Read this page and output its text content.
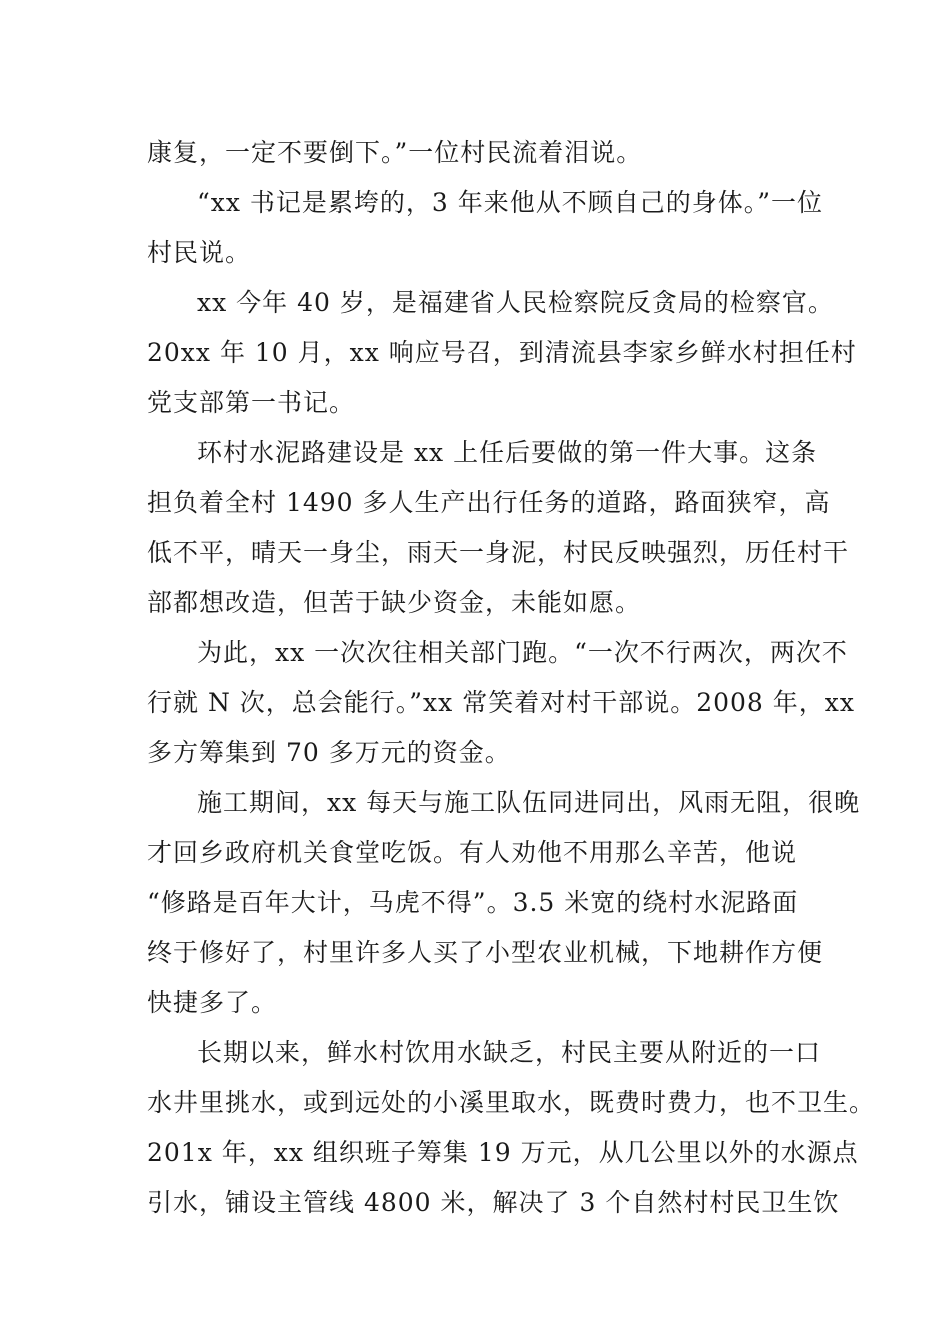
康复，一定不要倒下。”一位村民流着泪说。
“xx 书记是累垮的，3 年来他从不顾自己的身体。”一位
村民说。
xx 今年 40 岁，是福建省人民检察院反贪局的检察官。
20xx 年 10 月，xx 响应号召，到清流县李家乡鲜水村担任村
党支部第一书记。
环村水泥路建设是 xx 上任后要做的第一件大事。这条
担负着全村 1490 多人生产出行任务的道路，路面狭窄，高
低不平，晴天一身尘，雨天一身泥，村民反映强烈，历任村干
部都想改造，但苦于缺少资金，未能如愿。
为此，xx 一次次往相关部门跑。“一次不行两次，两次不
行就 N 次，总会能行。”xx 常笑着对村干部说。2008 年，xx
多方筹集到 70 多万元的资金。
施工期间，xx 每天与施工队伍同进同出，风雨无阻，很晚
才回乡政府机关食堂吃饭。有人劝他不用那么辛苦，他说
“修路是百年大计，马虎不得”。3.5 米宽的绕村水泥路面
终于修好了，村里许多人买了小型农业机械，下地耕作方便
快捷多了。
长期以来，鲜水村饮用水缺乏，村民主要从附近的一口
水井里挑水，或到远处的小溪里取水，既费时费力，也不卫生。
201x 年，xx 组织班子筹集 19 万元，从几公里以外的水源点
引水，铺设主管线 4800 米，解决了 3 个自然村村民卫生饮
